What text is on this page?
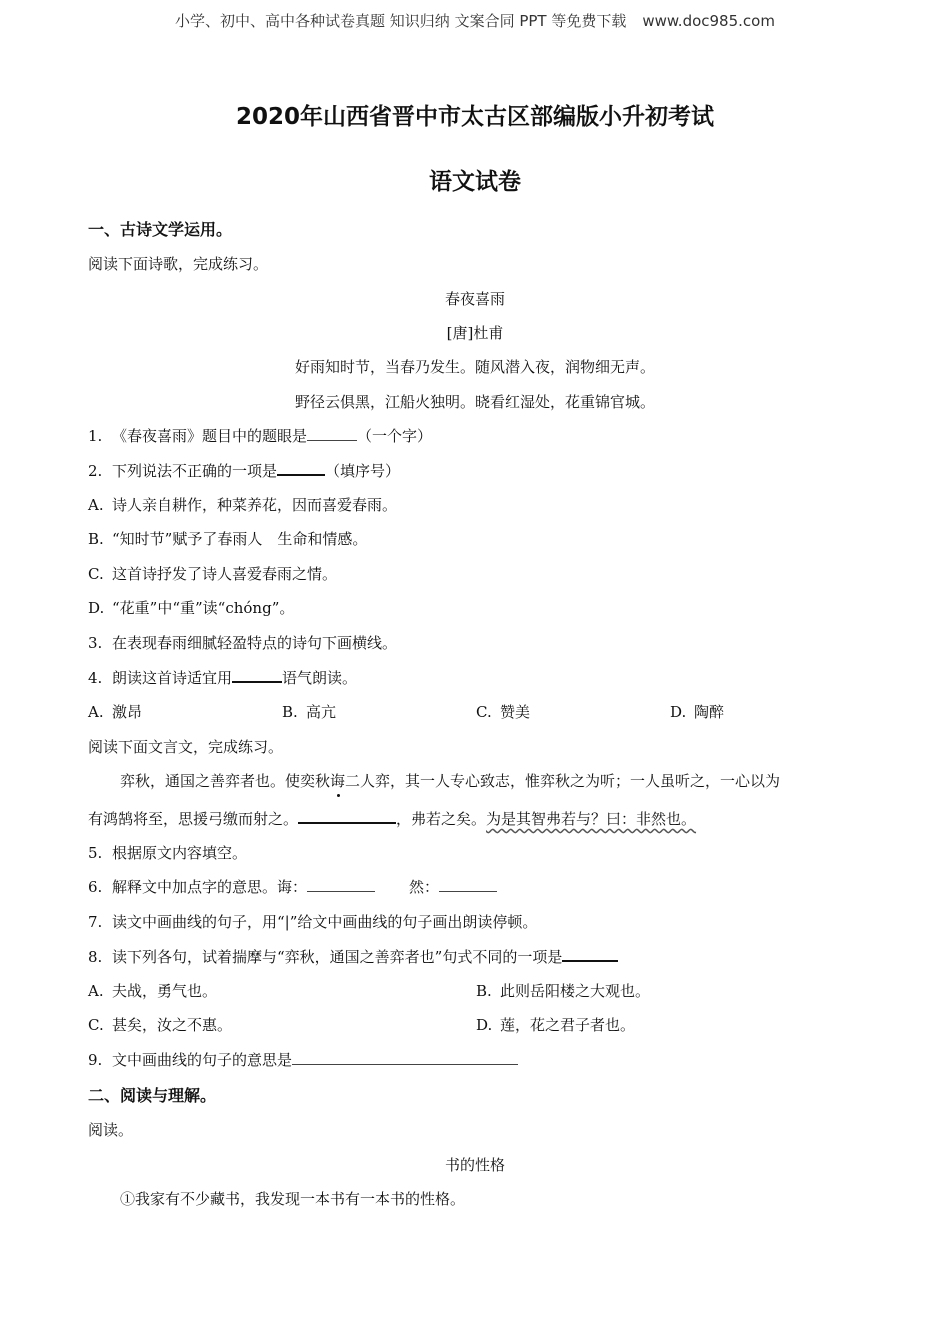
小学、初中、高中各种试卷真题 知识归纳 文案合同 PPT 等免费下载 www.doc985.com
2020年山西省晋中市太古区部编版小升初考试
语文试卷
一、古诗文学运用。
阅读下面诗歌，完成练习。
春夜喜雨
[唐]杜甫
好雨知时节，当春乃发生。随风潜入夜，润物细无声。
野径云俱黑，江船火独明。晓看红湿处，花重锦官城。
1. 《春夜喜雨》题目中的题眼是	（一个字）
2. 下列说法不正确的一项是	（填序号）
A. 诗人亲自耕作，种菜养花，因而喜爱春雨。
B. “知时节”赋予了春雨人　生命和情感。
C. 这首诗抒发了诗人喜爱春雨之情。
D. “花重”中“重”读“chóng”。
3. 在表现春雨细腻轻盈特点的诗句下画横线。
4. 朗读这首诗适宜用	语气朗读。
A. 激昂	B. 高亢	C. 赞美	D. 陶醉
阅读下面文言文，完成练习。
弈秋，通国之善弈者也。使奕秋诲二人弈，其一人专心致志，惟弈秋之为听；一人虽听之，一心以为
有鸿鹄将至，思援弓缴而射之。	，弗若之矣。为是其智弗若与？曰：非然也。
5. 根据原文内容填空。
6. 解释文中加点字的意思。诲：	然：
7. 读文中画曲线的句子，用“|”给文中画曲线的句子画出朗读停顿。
8. 读下列各句，试着揣摩与“弈秋，通国之善弈者也”句式不同的一项是
A. 夫战，勇气也。	B. 此则岳阳楼之大观也。
C. 甚矣，汝之不惠。	D. 莲，花之君子者也。
9. 文中画曲线的句子的意思是
二、阅读与理解。
阅读。
书的性格
①我家有不少藏书，我发现一本书有一本书的性格。
